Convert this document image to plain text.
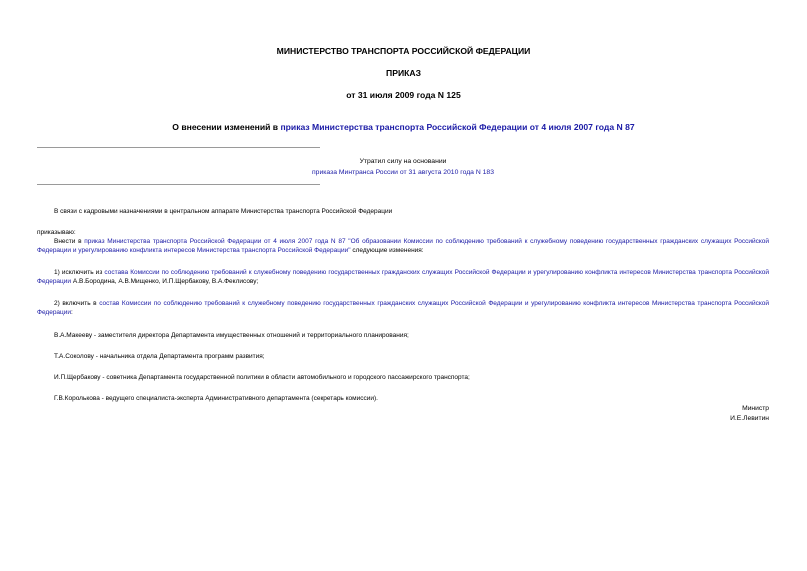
МИНИСТЕРСТВО ТРАНСПОРТА РОССИЙСКОЙ ФЕДЕРАЦИИ
ПРИКАЗ
от 31 июля 2009 года N 125
О внесении изменений в приказ Министерства транспорта Российской Федерации от 4 июля 2007 года N 87
Утратил силу на основании
приказа Минтранса России от 31 августа 2010 года N 183
В связи с кадровыми назначениями в центральном аппарате Министерства транспорта Российской Федерации
приказываю:
Внести в приказ Министерства транспорта Российской Федерации от 4 июля 2007 года N 87 "Об образовании Комиссии по соблюдению требований к служебному поведению государственных гражданских служащих Российской Федерации и урегулированию конфликта интересов Министерства транспорта Российской Федерации" следующие изменения:
1) исключить из состава Комиссии по соблюдению требований к служебному поведению государственных гражданских служащих Российской Федерации и урегулированию конфликта интересов Министерства транспорта Российской Федерации А.В.Бородина, А.В.Мищенко, И.П.Щербакову, В.А.Феклисову;
2) включить в состав Комиссии по соблюдению требований к служебному поведению государственных гражданских служащих Российской Федерации и урегулированию конфликта интересов Министерства транспорта Российской Федерации:
В.А.Макееву - заместителя директора Департамента имущественных отношений и территориального планирования;
Т.А.Соколову - начальника отдела Департамента программ развития;
И.П.Щербакову - советника Департамента государственной политики в области автомобильного и городского пассажирского транспорта;
Г.В.Королькова - ведущего специалиста-эксперта Административного департамента (секретарь комиссии).
Министр
И.Е.Левитин
